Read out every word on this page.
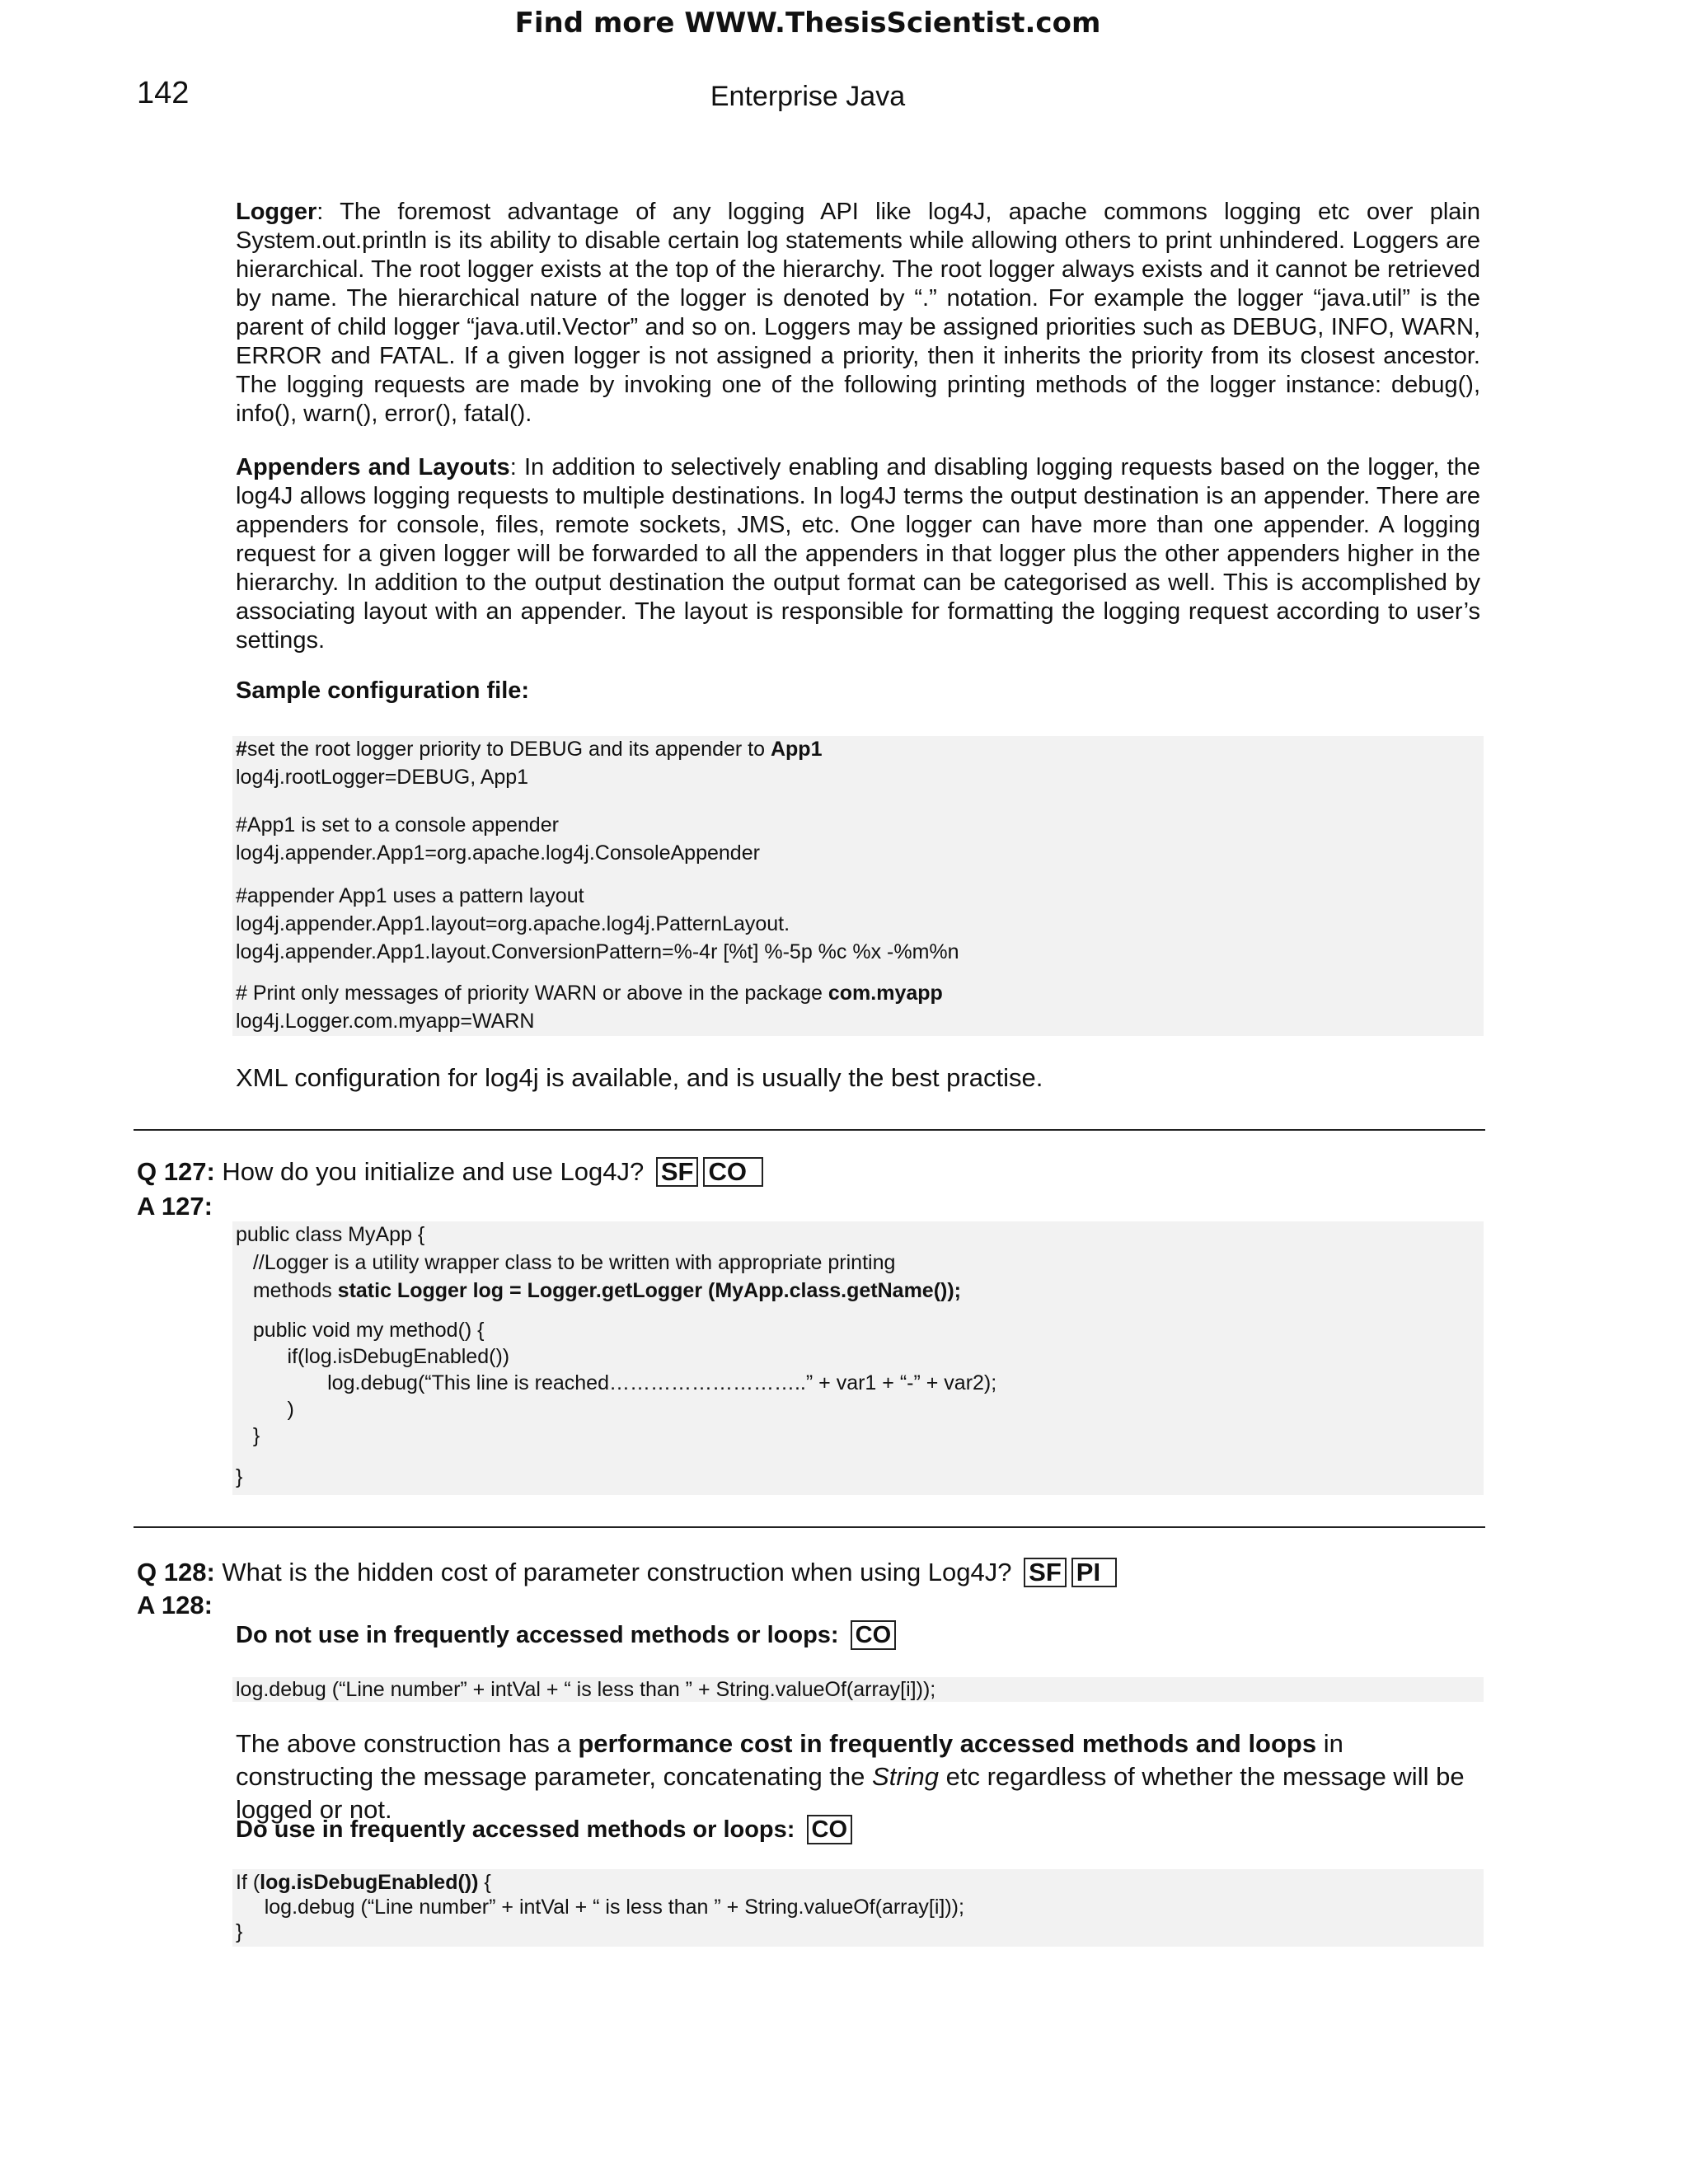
Find more WWW.ThesisScientist.com
142	Enterprise Java
Logger: The foremost advantage of any logging API like log4J, apache commons logging etc over plain System.out.println is its ability to disable certain log statements while allowing others to print unhindered. Loggers are hierarchical. The root logger exists at the top of the hierarchy. The root logger always exists and it cannot be retrieved by name. The hierarchical nature of the logger is denoted by “.” notation. For example the logger “java.util” is the parent of child logger “java.util.Vector” and so on. Loggers may be assigned priorities such as DEBUG, INFO, WARN, ERROR and FATAL. If a given logger is not assigned a priority, then it inherits the priority from its closest ancestor. The logging requests are made by invoking one of the following printing methods of the logger instance: debug(), info(), warn(), error(), fatal().
Appenders and Layouts: In addition to selectively enabling and disabling logging requests based on the logger, the log4J allows logging requests to multiple destinations. In log4J terms the output destination is an appender. There are appenders for console, files, remote sockets, JMS, etc. One logger can have more than one appender. A logging request for a given logger will be forwarded to all the appenders in that logger plus the other appenders higher in the hierarchy. In addition to the output destination the output format can be categorised as well. This is accomplished by associating layout with an appender. The layout is responsible for formatting the logging request according to user’s settings.
Sample configuration file:
#set the root logger priority to DEBUG and its appender to App1
log4j.rootLogger=DEBUG, App1
#App1 is set to a console appender
log4j.appender.App1=org.apache.log4j.ConsoleAppender
#appender App1 uses a pattern layout
log4j.appender.App1.layout=org.apache.log4j.PatternLayout.
log4j.appender.App1.layout.ConversionPattern=%-4r [%t] %-5p %c %x -%m%n
# Print only messages of priority WARN or above in the package com.myapp
log4j.Logger.com.myapp=WARN
XML configuration for log4j is available, and is usually the best practise.
Q 127: How do you initialize and use Log4J? SF CO
A 127:
public class MyApp {
//Logger is a utility wrapper class to be written with appropriate printing
methods static Logger log = Logger.getLogger (MyApp.class.getName());
public void my method() {
if(log.isDebugEnabled())
log.debug(“This line is reached………………………..” + var1 + “-” + var2);
)
}
}
Q 128: What is the hidden cost of parameter construction when using Log4J? SF PI
A 128:
Do not use in frequently accessed methods or loops: CO
log.debug (“Line number” + intVal + “ is less than ” + String.valueOf(array[i]));
The above construction has a performance cost in frequently accessed methods and loops in constructing the message parameter, concatenating the String etc regardless of whether the message will be logged or not.
Do use in frequently accessed methods or loops: CO
If (log.isDebugEnabled()) {
log.debug (“Line number” + intVal + “ is less than ” + String.valueOf(array[i]));
}
